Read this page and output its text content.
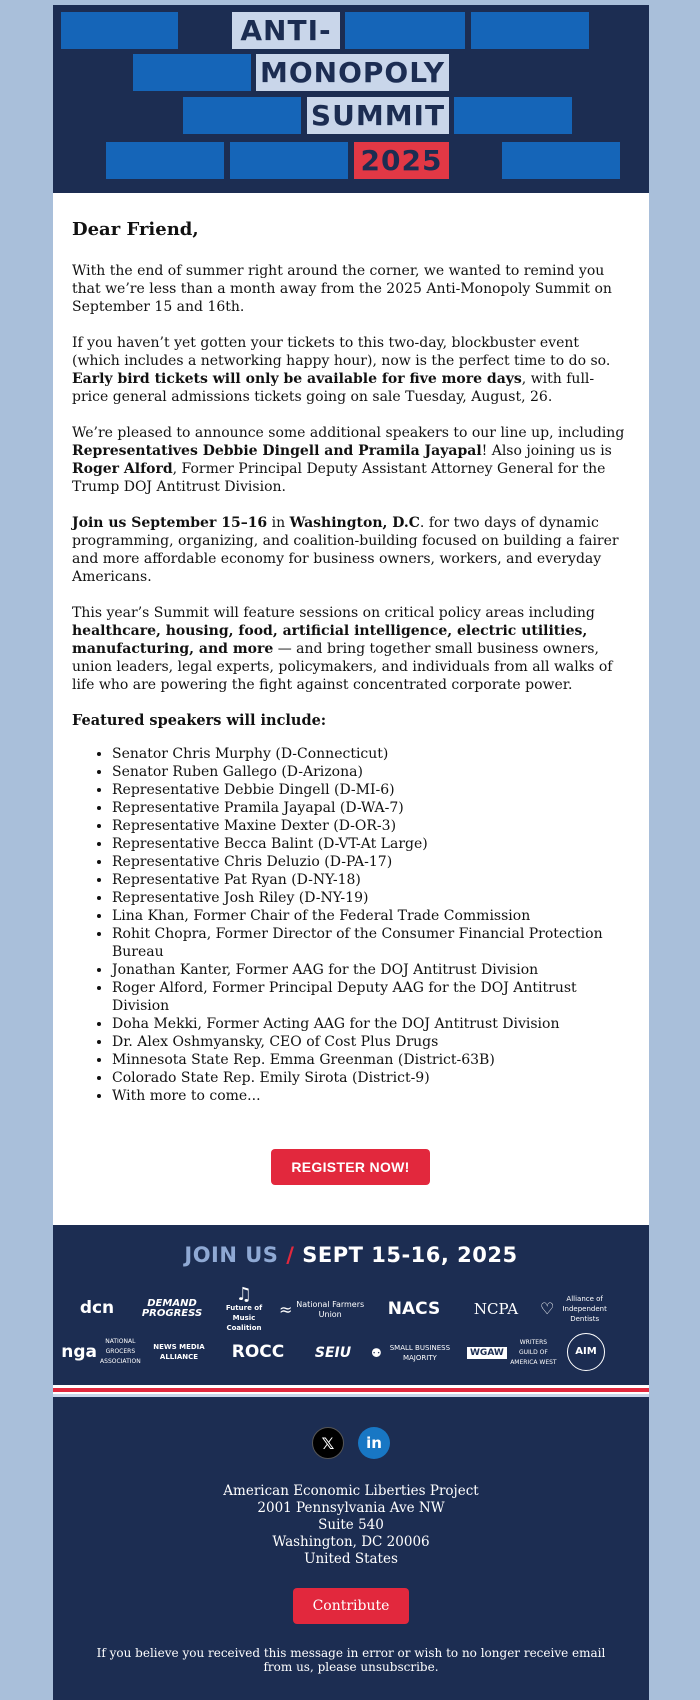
ANTI-
MONOPOLY
SUMMIT
2025
Dear Friend,

With the end of summer right around the corner, we wanted to remind you that we’re less than a month away from the 2025 Anti-Monopoly Summit on September 15 and 16th.

If you haven’t yet gotten your tickets to this two-day, blockbuster event (which includes a networking happy hour), now is the perfect time to do so. Early bird tickets will only be available for five more days, with full-price general admissions tickets going on sale Tuesday, August, 26.

We’re pleased to announce some additional speakers to our line up, including Representatives Debbie Dingell and Pramila Jayapal! Also joining us is Roger Alford, Former Principal Deputy Assistant Attorney General for the Trump DOJ Antitrust Division.

Join us September 15–16 in Washington, D.C. for two days of dynamic programming, organizing, and coalition-building focused on building a fairer and more affordable economy for business owners, workers, and everyday Americans.

This year’s Summit will feature sessions on critical policy areas including healthcare, housing, food, artificial intelligence, electric utilities, manufacturing, and more — and bring together small business owners, union leaders, legal experts, policymakers, and individuals from all walks of life who are powering the fight against concentrated corporate power.

Featured speakers will include:
• Senator Chris Murphy (D-Connecticut)
• Senator Ruben Gallego (D-Arizona)
• Representative Debbie Dingell (D-MI-6)
• Representative Pramila Jayapal (D-WA-7)
• Representative Maxine Dexter (D-OR-3)
• Representative Becca Balint (D-VT-At Large)
• Representative Chris Deluzio (D-PA-17)
• Representative Pat Ryan (D-NY-18)
• Representative Josh Riley (D-NY-19)
• Lina Khan, Former Chair of the Federal Trade Commission
• Rohit Chopra, Former Director of the Consumer Financial Protection Bureau
• Jonathan Kanter, Former AAG for the DOJ Antitrust Division
• Roger Alford, Former Principal Deputy AAG for the DOJ Antitrust Division
• Doha Mekki, Former Acting AAG for the DOJ Antitrust Division
• Dr. Alex Oshmyansky, CEO of Cost Plus Drugs
• Minnesota State Rep. Emma Greenman (District-63B)
• Colorado State Rep. Emily Sirota (District-9)
• With more to come...
REGISTER NOW!
JOIN US / SEPT 15-16, 2025
dcn	DEMAND PROGRESS
♫
Future of Music Coalition
≈ National Farmers Union	NACS NCPA ♡	Alliance of Independent Dentists
nga
NATIONAL GROCERS ASSOCIATION
NEWS MEDIA ALLIANCE	ROCC SEIU ⚉	SMALL BUSINESS MAJORITY	WGAW
WRITERS GUILD OF AMERICA WEST
AIM
𝕏	in
American Economic Liberties Project
2001 Pennsylvania Ave NW
Suite 540
Washington, DC 20006
United States
Contribute
If you believe you received this message in error or wish to no longer receive email from us, please unsubscribe.
